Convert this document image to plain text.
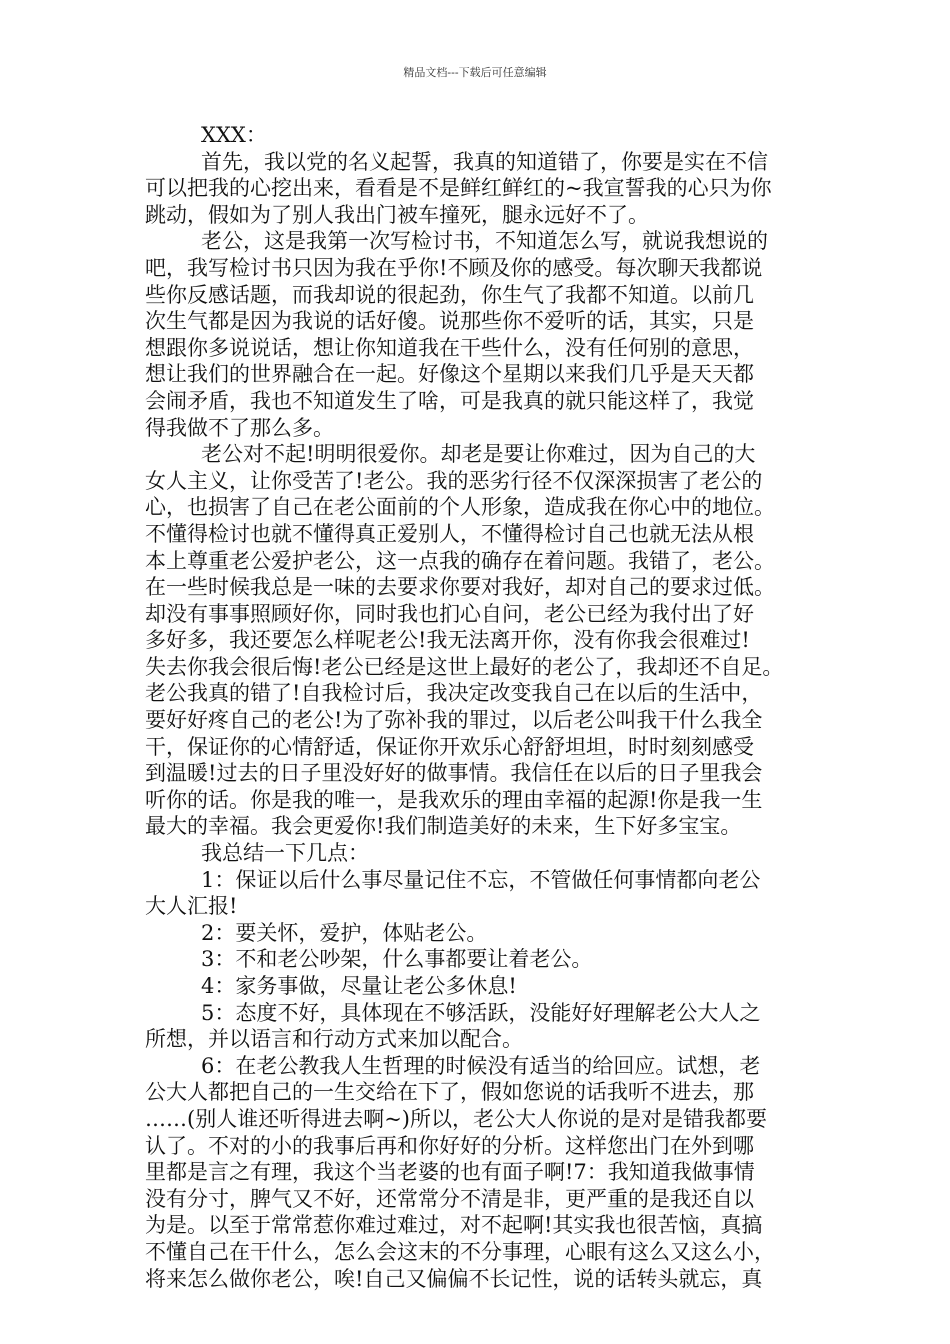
精品文档---下载后可任意编辑
XXX：
首先，我以党的名义起誓，我真的知道错了，你要是实在不信
可以把我的心挖出来，看看是不是鲜红鲜红的~我宣誓我的心只为你
跳动，假如为了别人我出门被车撞死，腿永远好不了。
老公，这是我第一次写检讨书，不知道怎么写，就说我想说的
吧，我写检讨书只因为我在乎你!不顾及你的感受。每次聊天我都说
些你反感话题，而我却说的很起劲，你生气了我都不知道。以前几
次生气都是因为我说的话好傻。说那些你不爱听的话，其实，只是
想跟你多说说话，想让你知道我在干些什么，没有任何别的意思，
想让我们的世界融合在一起。好像这个星期以来我们几乎是天天都
会闹矛盾，我也不知道发生了啥，可是我真的就只能这样了，我觉
得我做不了那么多。
老公对不起!明明很爱你。却老是要让你难过，因为自己的大
女人主义，让你受苦了!老公。我的恶劣行径不仅深深损害了老公的
心，也损害了自己在老公面前的个人形象，造成我在你心中的地位。
不懂得检讨也就不懂得真正爱别人，不懂得检讨自己也就无法从根
本上尊重老公爱护老公，这一点我的确存在着问题。我错了，老公。
在一些时候我总是一味的去要求你要对我好，却对自己的要求过低。
却没有事事照顾好你，同时我也扪心自问，老公已经为我付出了好
多好多，我还要怎么样呢老公!我无法离开你，没有你我会很难过!
失去你我会很后悔!老公已经是这世上最好的老公了，我却还不自足。
老公我真的错了!自我检讨后，我决定改变我自己在以后的生活中，
要好好疼自己的老公!为了弥补我的罪过，以后老公叫我干什么我全
干，保证你的心情舒适，保证你开欢乐心舒舒坦坦，时时刻刻感受
到温暖!过去的日子里没好好的做事情。我信任在以后的日子里我会
听你的话。你是我的唯一，是我欢乐的理由幸福的起源!你是我一生
最大的幸福。我会更爱你!我们制造美好的未来，生下好多宝宝。
我总结一下几点：
1：保证以后什么事尽量记住不忘，不管做任何事情都向老公
大人汇报!
2：要关怀，爱护，体贴老公。
3：不和老公吵架，什么事都要让着老公。
4：家务事做，尽量让老公多休息!
5：态度不好，具体现在不够活跃，没能好好理解老公大人之
所想，并以语言和行动方式来加以配合。
6：在老公教我人生哲理的时候没有适当的给回应。试想，老
公大人都把自己的一生交给在下了，假如您说的话我听不进去，那
……(别人谁还听得进去啊~)所以，老公大人你说的是对是错我都要
认了。不对的小的我事后再和你好好的分析。这样您出门在外到哪
里都是言之有理，我这个当老婆的也有面子啊!7：我知道我做事情
没有分寸，脾气又不好，还常常分不清是非，更严重的是我还自以
为是。以至于常常惹你难过难过，对不起啊!其实我也很苦恼，真搞
不懂自己在干什么，怎么会这末的不分事理，心眼有这么又这么小，
将来怎么做你老公，唉!自己又偏偏不长记性，说的话转头就忘，真
